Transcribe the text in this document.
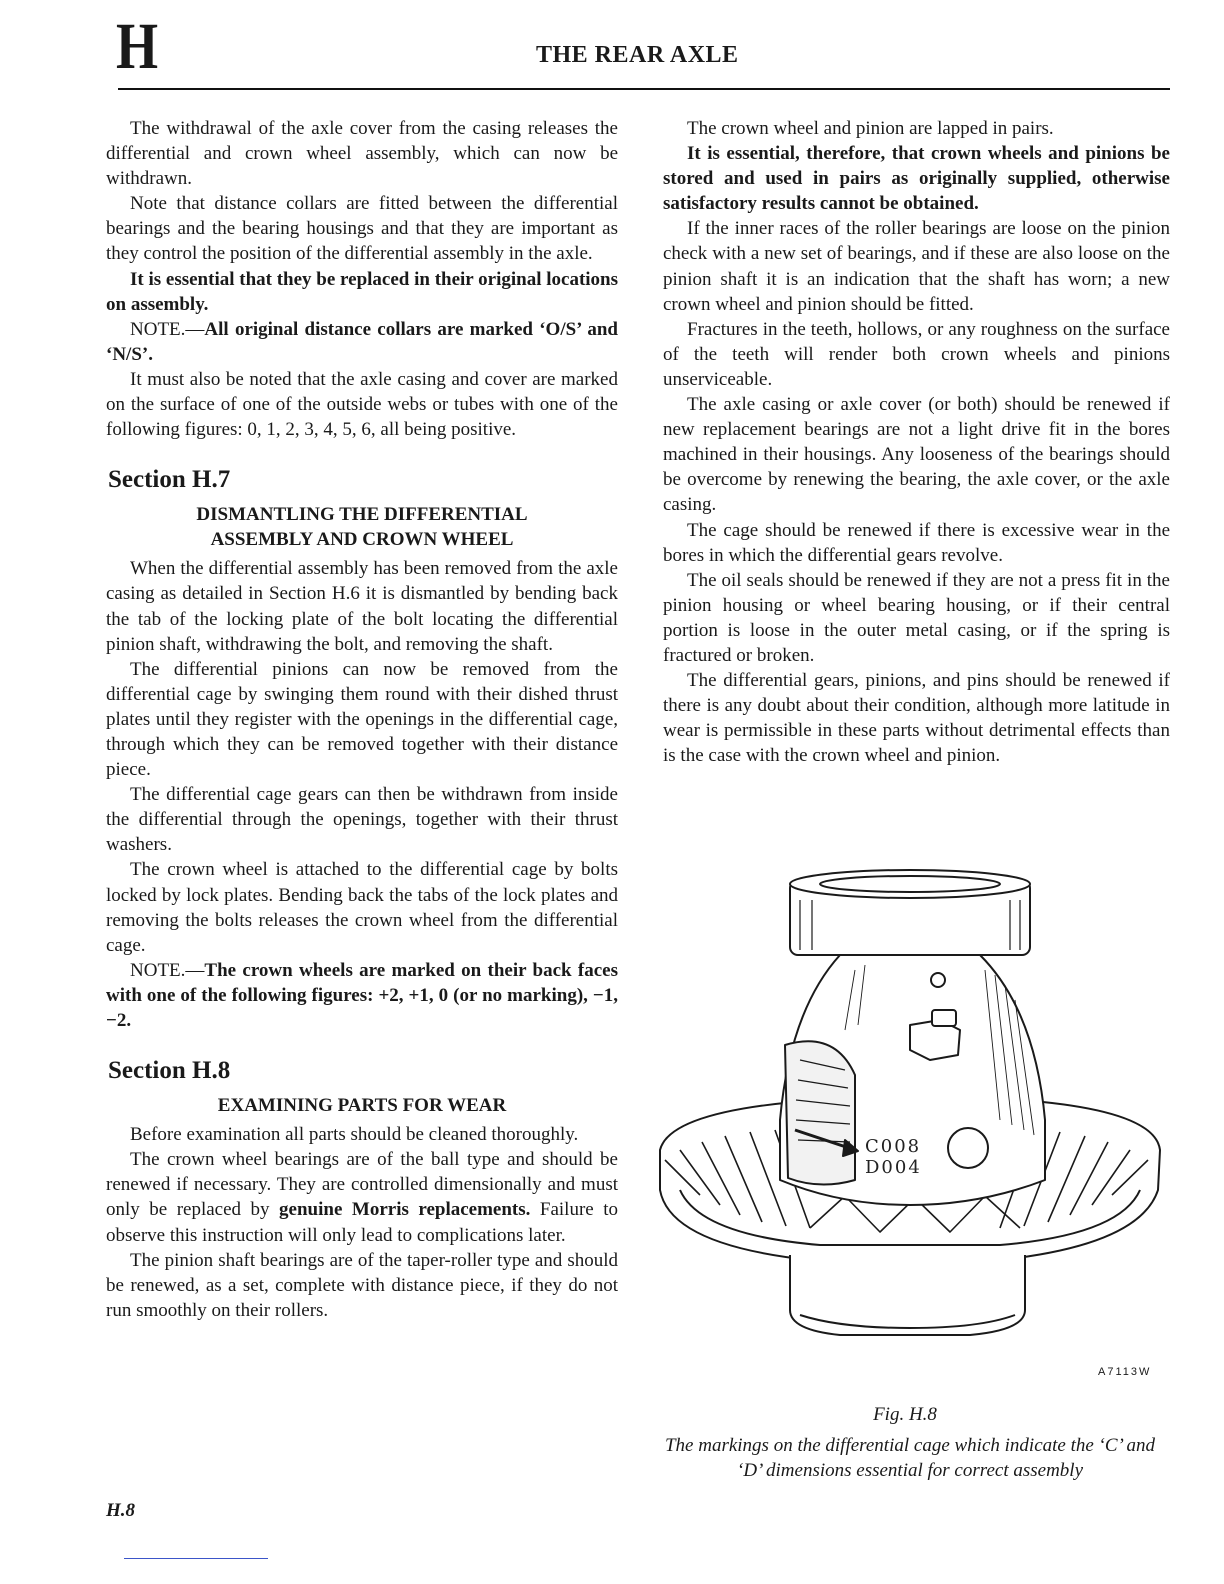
H	THE REAR AXLE

The withdrawal of the axle cover from the casing releases the differential and crown wheel assembly, which can now be withdrawn.

Note that distance collars are fitted between the differential bearings and the bearing housings and that they are important as they control the position of the differential assembly in the axle.

It is essential that they be replaced in their original locations on assembly.

NOTE.—All original distance collars are marked ‘O/S’ and ‘N/S’.

It must also be noted that the axle casing and cover are marked on the surface of one of the outside webs or tubes with one of the following figures: 0, 1, 2, 3, 4, 5, 6, all being positive.

Section H.7
DISMANTLING THE DIFFERENTIAL
ASSEMBLY AND CROWN WHEEL

When the differential assembly has been removed from the axle casing as detailed in Section H.6 it is dismantled by bending back the tab of the locking plate of the bolt locating the differential pinion shaft, withdrawing the bolt, and removing the shaft.

The differential pinions can now be removed from the differential cage by swinging them round with their dished thrust plates until they register with the openings in the differential cage, through which they can be removed together with their distance piece.

The differential cage gears can then be withdrawn from inside the differential through the openings, together with their thrust washers.

The crown wheel is attached to the differential cage by bolts locked by lock plates. Bending back the tabs of the lock plates and removing the bolts releases the crown wheel from the differential cage.

NOTE.—The crown wheels are marked on their back faces with one of the following figures: +2, +1, 0 (or no marking), −1, −2.

Section H.8
EXAMINING PARTS FOR WEAR

Before examination all parts should be cleaned thoroughly.

The crown wheel bearings are of the ball type and should be renewed if necessary. They are controlled dimensionally and must only be replaced by genuine Morris replacements. Failure to observe this instruction will only lead to complications later.

The pinion shaft bearings are of the taper-roller type and should be renewed, as a set, complete with distance piece, if they do not run smoothly on their rollers.

The crown wheel and pinion are lapped in pairs.

It is essential, therefore, that crown wheels and pinions be stored and used in pairs as originally supplied, otherwise satisfactory results cannot be obtained.

If the inner races of the roller bearings are loose on the pinion check with a new set of bearings, and if these are also loose on the pinion shaft it is an indication that the shaft has worn; a new crown wheel and pinion should be fitted.

Fractures in the teeth, hollows, or any roughness on the surface of the teeth will render both crown wheels and pinions unserviceable.

The axle casing or axle cover (or both) should be renewed if new replacement bearings are not a light drive fit in the bores machined in their housings. Any looseness of the bearings should be overcome by renewing the bearing, the axle cover, or the axle casing.

The cage should be renewed if there is excessive wear in the bores in which the differential gears revolve.

The oil seals should be renewed if they are not a press fit in the pinion housing or wheel bearing housing, or if their central portion is loose in the outer metal casing, or if the spring is fractured or broken.

The differential gears, pinions, and pins should be renewed if there is any doubt about their condition, although more latitude in wear is permissible in these parts without detrimental effects than is the case with the crown wheel and pinion.

C008
D004
A7113W
Fig. H.8
The markings on the differential cage which indicate the ‘C’ and ‘D’ dimensions essential for correct assembly
H.8
